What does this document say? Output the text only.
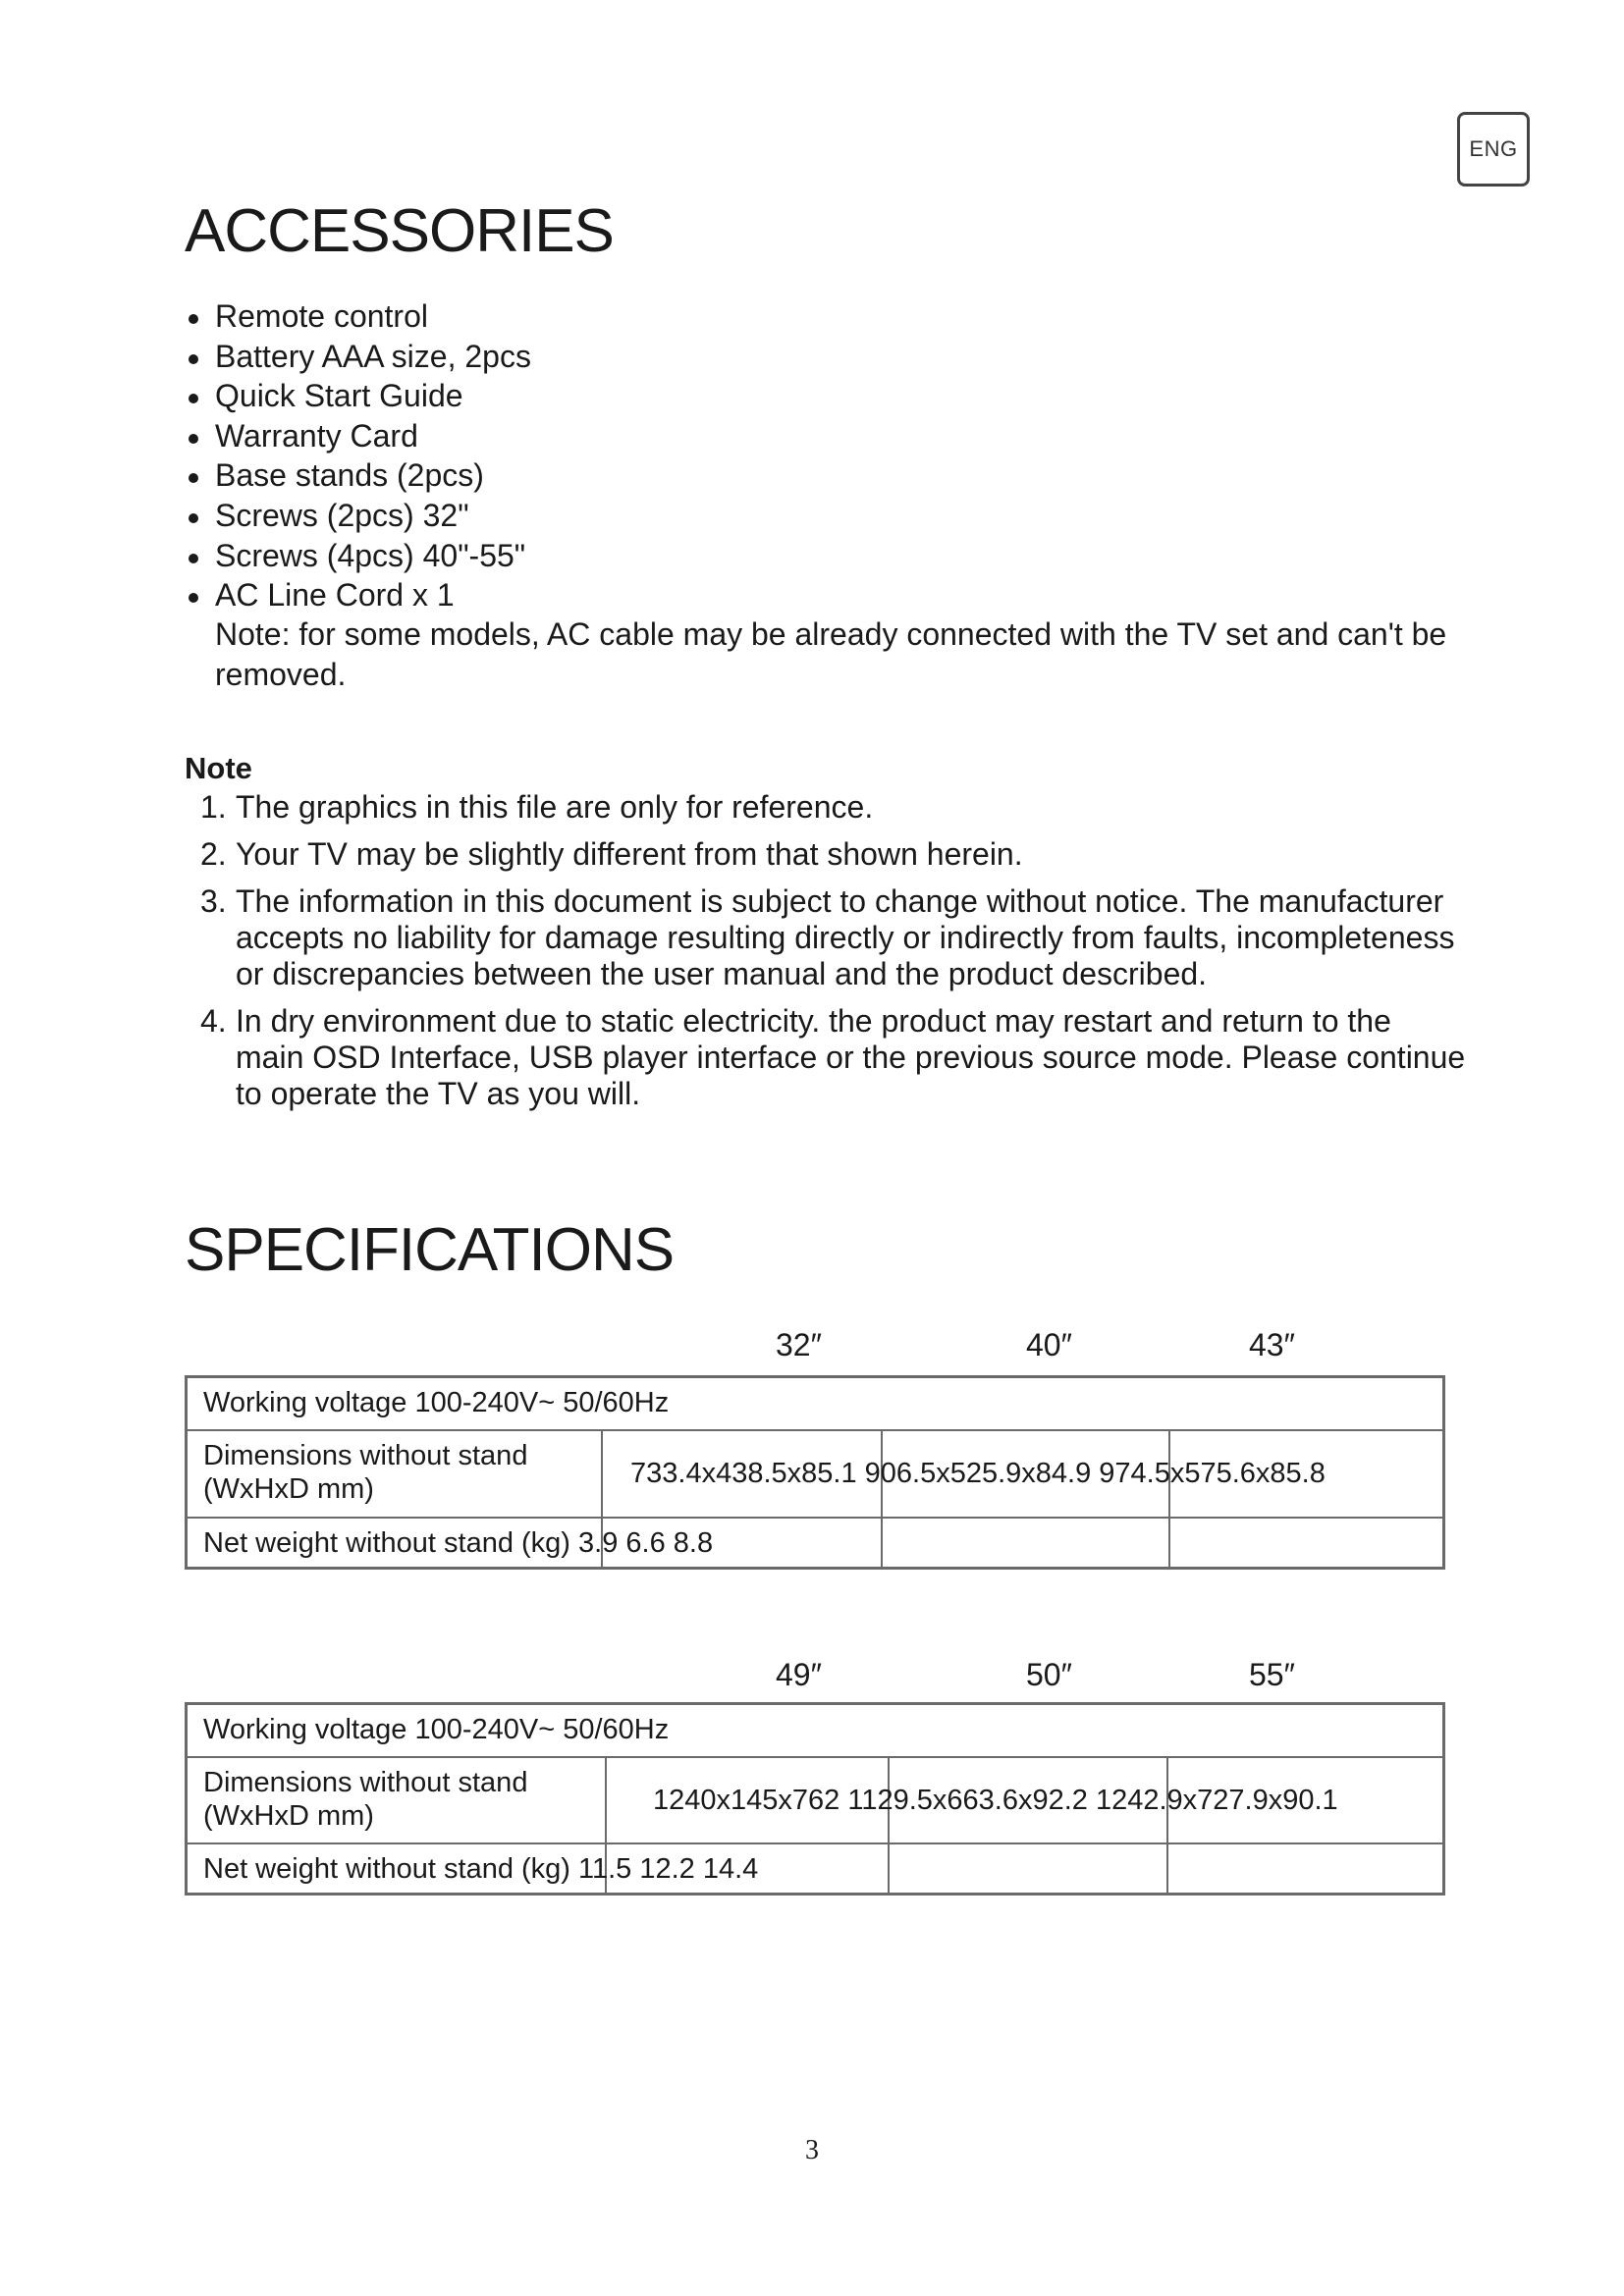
ENG
ACCESSORIES
Remote control
Battery AAA size, 2pcs
Quick Start Guide
Warranty Card
Base stands (2pcs)
Screws (2pcs) 32"
Screws (4pcs) 40"-55"
AC Line Cord x 1
Note: for some models, AC cable may be already connected with the TV set and can't be removed.
Note
1. The graphics in this file are only for reference.
2. Your TV may be slightly different from that shown herein.
3. The information in this document is subject to change without notice. The manufacturer accepts no liability for damage resulting directly or indirectly from faults, incompleteness or discrepancies between the user manual and the product described.
4. In dry environment due to static electricity. the product may restart and return to the main OSD Interface, USB player interface or the previous source mode. Please continue to operate the TV as you will.
SPECIFICATIONS
32″	40″	43″
Working voltage 100-240V~ 50/60Hz
Dimensions without stand (WxHxD mm)	733.4x438.5x85.1 906.5x525.9x84.9 974.5x575.6x85.8
Net weight without stand (kg) 3.9 6.6 8.8
49″	50″	55″
Working voltage 100-240V~ 50/60Hz
Dimensions without stand (WxHxD mm)	1240x145x762 1129.5x663.6x92.2 1242.9x727.9x90.1
Net weight without stand (kg) 11.5 12.2 14.4
3
